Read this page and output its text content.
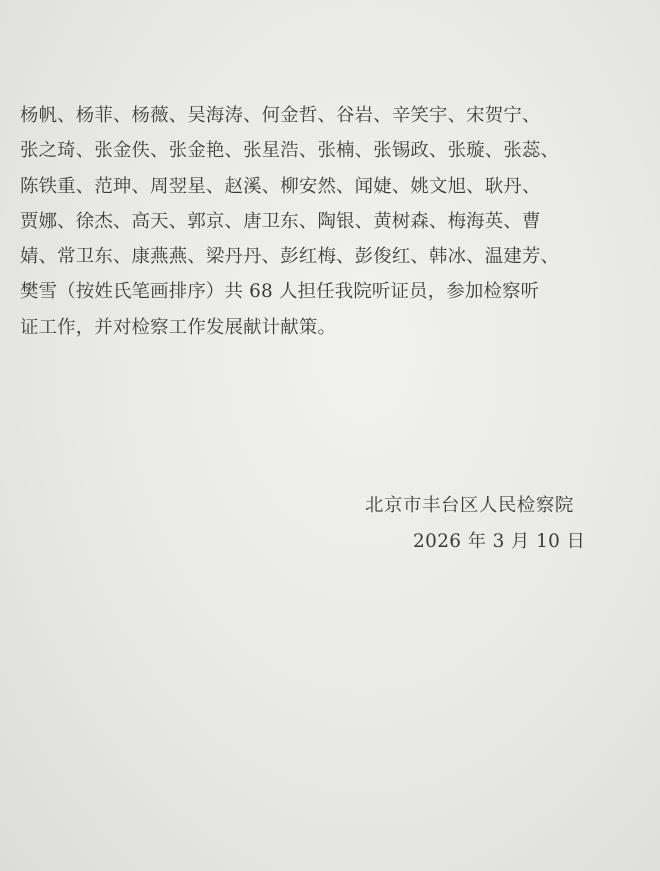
杨帆、杨菲、杨薇、吴海涛、何金哲、谷岩、辛笑宇、宋贺宁、
张之琦、张金佚、张金艳、张星浩、张楠、张锡政、张璇、张蕊、
陈铁重、范珅、周翌星、赵溪、柳安然、闻婕、姚文旭、耿丹、
贾娜、徐杰、高天、郭京、唐卫东、陶银、黄树森、梅海英、曹
婧、常卫东、康燕燕、梁丹丹、彭红梅、彭俊红、韩冰、温建芳、
樊雪（按姓氏笔画排序）共 68 人担任我院听证员，参加检察听
证工作，并对检察工作发展献计献策。
北京市丰台区人民检察院
2026 年 3 月 10 日
